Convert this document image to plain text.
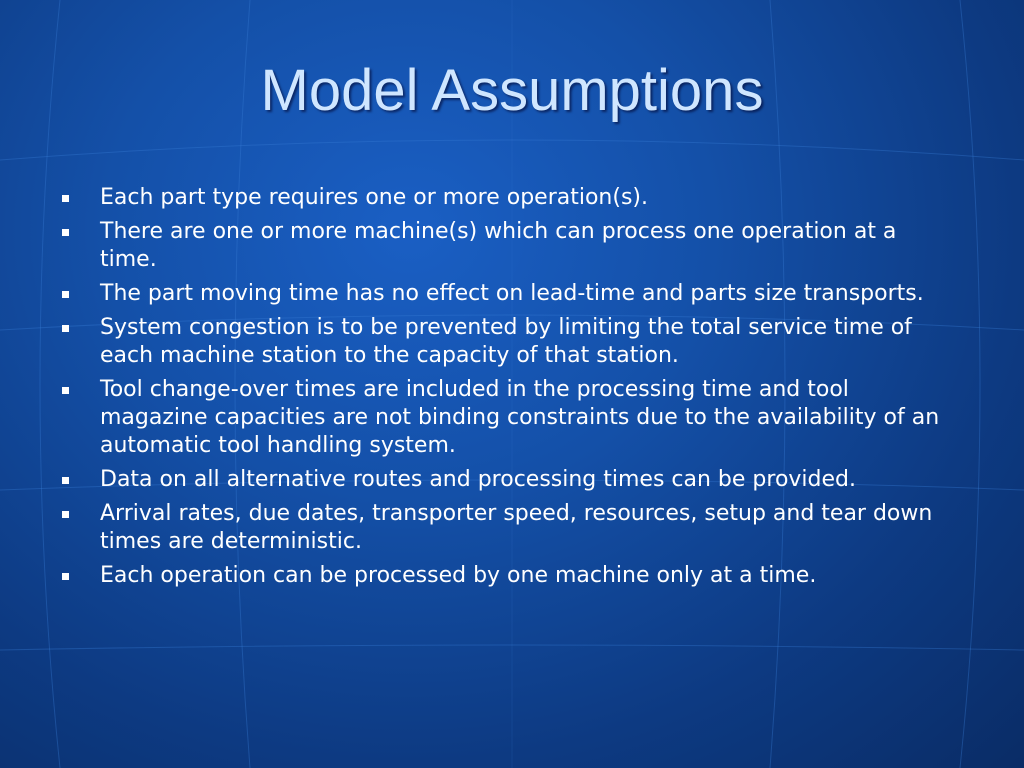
Model Assumptions
Each part type requires one or more operation(s).
There are one or more machine(s) which can process one operation at a time.
The part moving time has no effect on lead-time and parts size transports.
System congestion is to be prevented by limiting the total service time of each machine station to the capacity of that station.
Tool change-over times are included in the processing time and tool magazine capacities are not binding constraints due to the availability of an automatic tool handling system.
Data on all alternative routes and processing times can be provided.
Arrival rates, due dates, transporter speed, resources, setup and tear down times are deterministic.
Each operation can be processed by one machine only at a time.
